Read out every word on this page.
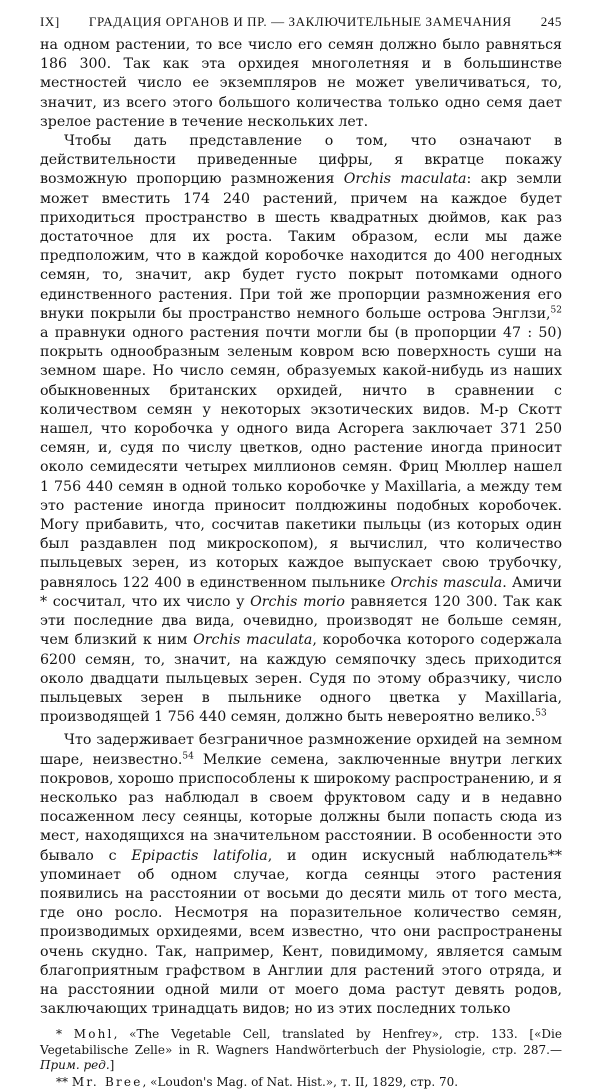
IX]	ГРАДАЦИЯ ОРГАНОВ И ПР. — ЗАКЛЮЧИТЕЛЬНЫЕ ЗАМЕЧАНИЯ	245

на одном растении, то все число его семян должно было равняться 186 300. Так как эта орхидея многолетняя и в большинстве местностей число ее экземпляров не может увеличиваться, то, значит, из всего этого большого количества только одно семя дает зрелое растение в течение нескольких лет.

Чтобы дать представление о том, что означают в действительности приведенные цифры, я вкратце покажу возможную пропорцию размножения Orchis maculata: акр земли может вместить 174 240 растений, причем на каждое будет приходиться пространство в шесть квадратных дюймов, как раз достаточное для их роста. Таким образом, если мы даже предположим, что в каждой коробочке находится до 400 негодных семян, то, значит, акр будет густо покрыт потомками одного единственного растения. При той же пропорции размножения его внуки покрыли бы пространство немного больше острова Энглзи,$^{52}$ а правнуки одного растения почти могли бы (в пропорции 47 : 50) покрыть однообразным зеленым ковром всю поверхность суши на земном шаре. Но число семян, образуемых какой-нибудь из наших обыкновенных британских орхидей, ничто в сравнении с количеством семян у некоторых экзотических видов. М-р Скотт нашел, что коробочка у одного вида Acropera заключает 371 250 семян, и, судя по числу цветков, одно растение иногда приносит около семидесяти четырех миллионов семян. Фриц Мюллер нашел 1 756 440 семян в одной только коробочке у Maxillaria, а между тем это растение иногда приносит полдюжины подобных коробочек. Могу прибавить, что, сосчитав пакетики пыльцы (из которых один был раздавлен под микроскопом), я вычислил, что количество пыльцевых зерен, из которых каждое выпускает свою трубочку, равнялось 122 400 в единственном пыльнике Orchis mascula. Амичи * сосчитал, что их число у Orchis morio равняется 120 300. Так как эти последние два вида, очевидно, производят не больше семян, чем близкий к ним Orchis maculata, коробочка которого содержала 6200 семян, то, значит, на каждую семяпочку здесь приходится около двадцати пыльцевых зерен. Судя по этому образчику, число пыльцевых зерен в пыльнике одного цветка у Maxillaria, производящей 1 756 440 семян, должно быть невероятно велико.$^{53}$

Что задерживает безграничное размножение орхидей на земном шаре, неизвестно.$^{54}$ Мелкие семена, заключенные внутри легких покровов, хорошо приспособлены к широкому распространению, и я несколько раз наблюдал в своем фруктовом саду и в недавно посаженном лесу сеянцы, которые должны были попасть сюда из мест, находящихся на значительном расстоянии. В особенности это бывало с Epipactis latifolia, и один искусный наблюдатель** упоминает об одном случае, когда сеянцы этого растения появились на расстоянии от восьми до десяти миль от того места, где оно росло. Несмотря на поразительное количество семян, производимых орхидеями, всем известно, что они распространены очень скудно. Так, например, Кент, повидимому, является самым благоприятным графством в Англии для растений этого отряда, и на расстоянии одной мили от моего дома растут девять родов, заключающих тринадцать видов; но из этих последних только

* Mohl, «The Vegetable Cell, translated by Henfrey», стр. 133. [«Die Vegetabilische Zelle» in R. Wagners Handwörterbuch der Physiologie, стр. 287.—Прим. ред.]

** Mr. Bree, «Loudon's Mag. of Nat. Hist.», т. II, 1829, стр. 70.
